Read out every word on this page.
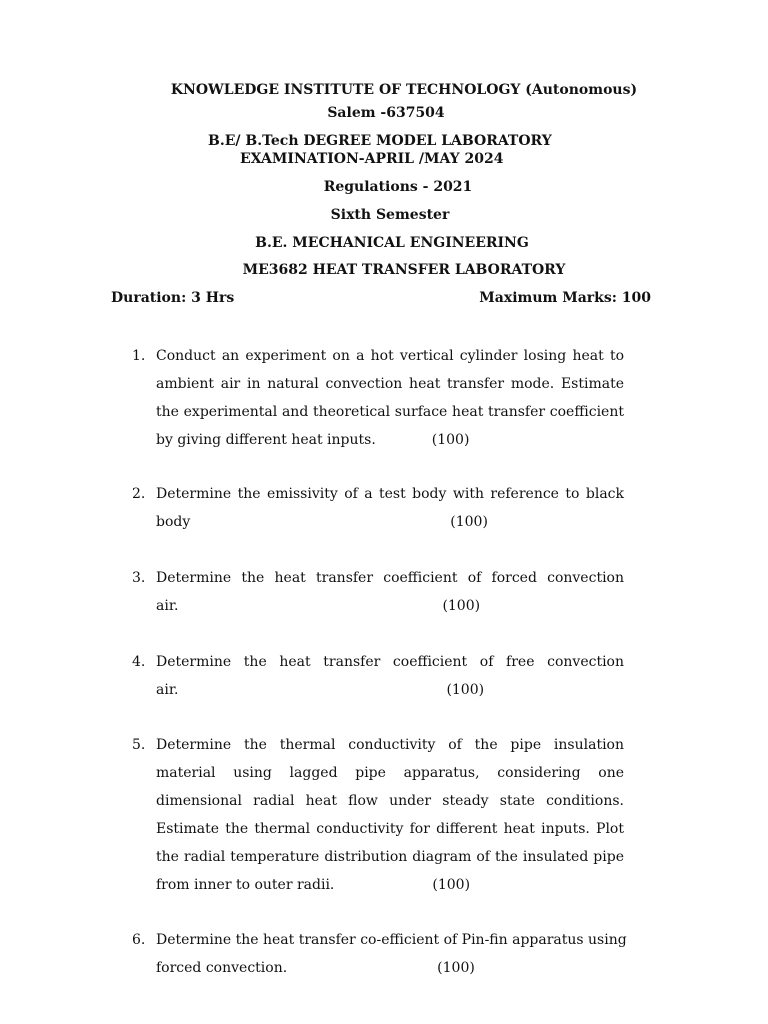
KNOWLEDGE INSTITUTE OF TECHNOLOGY (Autonomous)
Salem -637504
B.E/ B.Tech DEGREE MODEL LABORATORY
EXAMINATION-APRIL /MAY 2024
Regulations - 2021
Sixth Semester
B.E. MECHANICAL ENGINEERING
ME3682 HEAT TRANSFER LABORATORY
Duration: 3 Hrs	Maximum Marks: 100
1. Conduct an experiment on a hot vertical cylinder losing heat to
ambient air in natural convection heat transfer mode. Estimate
the experimental and theoretical surface heat transfer coefficient
by giving different heat inputs.	(100)
2. Determine the emissivity of a test body with reference to black
body	(100)
3. Determine the heat transfer coefficient of forced convection
air.	(100)
4. Determine the heat transfer coefficient of free convection
air.	(100)
5. Determine the thermal conductivity of the pipe insulation
material using lagged pipe apparatus, considering one
dimensional radial heat flow under steady state conditions.
Estimate the thermal conductivity for different heat inputs. Plot
the radial temperature distribution diagram of the insulated pipe
from inner to outer radii.	(100)
6. Determine the heat transfer co-efficient of Pin-fin apparatus using
forced convection.	(100)
